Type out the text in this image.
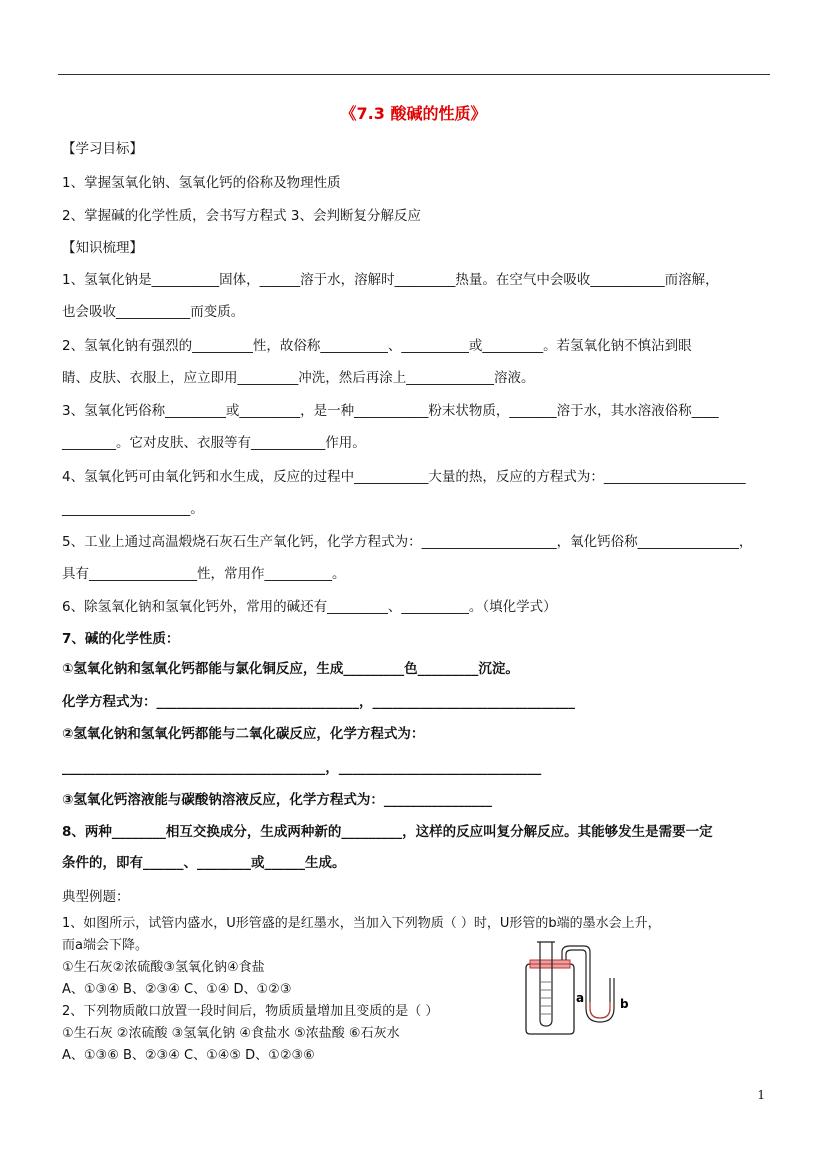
《7.3 酸碱的性质》
【学习目标】
1、掌握氢氧化钠、氢氧化钙的俗称及物理性质
2、掌握碱的化学性质，会书写方程式 3、会判断复分解反应
【知识梳理】
1、氢氧化钠是__________固体，______溶于水，溶解时_________热量。在空气中会吸收___________而溶解，
也会吸收___________而变质。
2、氢氧化钠有强烈的_________性，故俗称__________、__________或_________。若氢氧化钠不慎沾到眼
睛、皮肤、衣服上，应立即用_________冲洗，然后再涂上_____________溶液。
3、氢氧化钙俗称_________或_________，是一种___________粉末状物质，_______溶于水，其水溶液俗称____
________。它对皮肤、衣服等有___________作用。
4、氢氧化钙可由氧化钙和水生成，反应的过程中___________大量的热，反应的方程式为：_____________________
___________________。
5、工业上通过高温煅烧石灰石生产氧化钙，化学方程式为：____________________，氧化钙俗称_______________，
具有________________性，常用作__________。
6、除氢氧化钠和氢氧化钙外，常用的碱还有_________、__________。（填化学式）
7、碱的化学性质：
①氢氧化钠和氢氧化钙都能与氯化铜反应，生成_________色_________沉淀。
化学方程式为：______________________________，______________________________
②氢氧化钠和氢氧化钙都能与二氧化碳反应，化学方程式为：
_______________________________________，______________________________
③氢氧化钙溶液能与碳酸钠溶液反应，化学方程式为：________________
8、两种________相互交换成分，生成两种新的_________，这样的反应叫复分解反应。其能够发生是需要一定
条件的，即有______、________或______生成。
典型例题：
1、如图所示，试管内盛水，U形管盛的是红墨水，当加入下列物质（ ）时，U形管的b端的墨水会上升，
而a端会下降。
①生石灰②浓硫酸③氢氧化钠④食盐
A、①③④ B、②③④ C、①④ D、①②③
2、下列物质敞口放置一段时间后，物质质量增加且变质的是（ ）
①生石灰 ②浓硫酸 ③氢氧化钠 ④食盐水 ⑤浓盐酸 ⑥石灰水
A、①③⑥ B、②③④ C、①④⑤ D、①②③⑥
a	b
1
